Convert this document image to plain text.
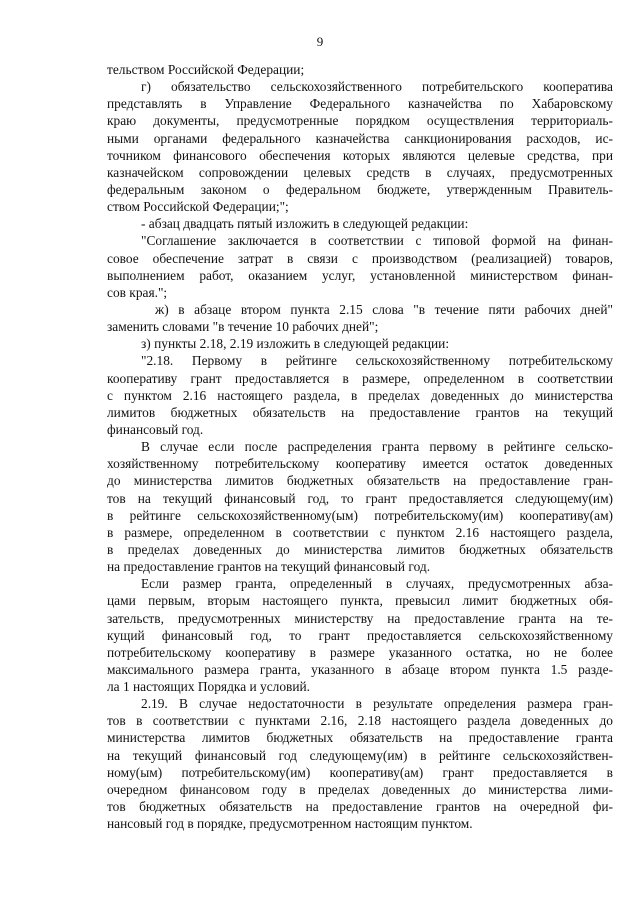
9
тельством Российской Федерации;
г) обязательство сельскохозяйственного потребительского кооператива
представлять в Управление Федерального казначейства по Хабаровскому
краю документы, предусмотренные порядком осуществления территориаль-
ными органами федерального казначейства санкционирования расходов, ис-
точником финансового обеспечения которых являются целевые средства, при
казначейском сопровождении целевых средств в случаях, предусмотренных
федеральным законом о федеральном бюджете, утвержденным Правитель-
ством Российской Федерации;";
- абзац двадцать пятый изложить в следующей редакции:
"Соглашение заключается в соответствии с типовой формой на финан-
совое обеспечение затрат в связи с производством (реализацией) товаров,
выполнением работ, оказанием услуг, установленной министерством финан-
сов края.";
ж) в абзаце втором пункта 2.15 слова "в течение пяти рабочих дней"
заменить словами "в течение 10 рабочих дней";
з) пункты 2.18, 2.19 изложить в следующей редакции:
"2.18. Первому в рейтинге сельскохозяйственному потребительскому
кооперативу грант предоставляется в размере, определенном в соответствии
с пунктом 2.16 настоящего раздела, в пределах доведенных до министерства
лимитов бюджетных обязательств на предоставление грантов на текущий
финансовый год.
В случае если после распределения гранта первому в рейтинге сельско-
хозяйственному потребительскому кооперативу имеется остаток доведенных
до министерства лимитов бюджетных обязательств на предоставление гран-
тов на текущий финансовый год, то грант предоставляется следующему(им)
в рейтинге сельскохозяйственному(ым) потребительскому(им) кооперативу(ам)
в размере, определенном в соответствии с пунктом 2.16 настоящего раздела,
в пределах доведенных до министерства лимитов бюджетных обязательств
на предоставление грантов на текущий финансовый год.
Если размер гранта, определенный в случаях, предусмотренных абза-
цами первым, вторым настоящего пункта, превысил лимит бюджетных обя-
зательств, предусмотренных министерству на предоставление гранта на те-
кущий финансовый год, то грант предоставляется сельскохозяйственному
потребительскому кооперативу в размере указанного остатка, но не более
максимального размера гранта, указанного в абзаце втором пункта 1.5 разде-
ла 1 настоящих Порядка и условий.
2.19. В случае недостаточности в результате определения размера гран-
тов в соответствии с пунктами 2.16, 2.18 настоящего раздела доведенных до
министерства лимитов бюджетных обязательств на предоставление гранта
на текущий финансовый год следующему(им) в рейтинге сельскохозяйствен-
ному(ым) потребительскому(им) кооперативу(ам) грант предоставляется в
очередном финансовом году в пределах доведенных до министерства лими-
тов бюджетных обязательств на предоставление грантов на очередной фи-
нансовый год в порядке, предусмотренном настоящим пунктом.
